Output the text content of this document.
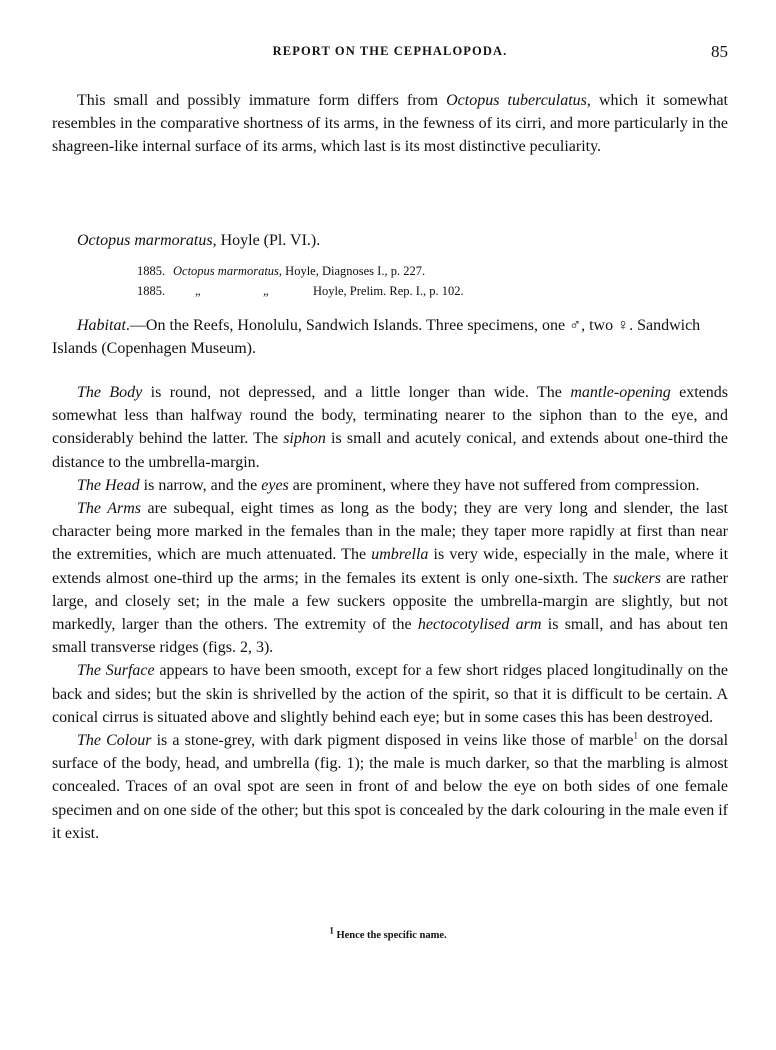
REPORT ON THE CEPHALOPODA.	85

This small and possibly immature form differs from Octopus tuberculatus, which it somewhat resembles in the comparative shortness of its arms, in the fewness of its cirri, and more particularly in the shagreen-like internal surface of its arms, which last is its most distinctive peculiarity.

Octopus marmoratus, Hoyle (Pl. VI.).
1885. Octopus marmoratus, Hoyle, Diagnoses I., p. 227.
1885. „	„	Hoyle, Prelim. Rep. I., p. 102.

Habitat.—On the Reefs, Honolulu, Sandwich Islands. Three specimens, one ♂, two ♀. Sandwich Islands (Copenhagen Museum).

The Body is round, not depressed, and a little longer than wide. The mantle-opening extends somewhat less than halfway round the body, terminating nearer to the siphon than to the eye, and considerably behind the latter. The siphon is small and acutely conical, and extends about one-third the distance to the umbrella-margin.

The Head is narrow, and the eyes are prominent, where they have not suffered from compression.

The Arms are subequal, eight times as long as the body; they are very long and slender, the last character being more marked in the females than in the male; they taper more rapidly at first than near the extremities, which are much attenuated. The umbrella is very wide, especially in the male, where it extends almost one-third up the arms; in the females its extent is only one-sixth. The suckers are rather large, and closely set; in the male a few suckers opposite the umbrella-margin are slightly, but not markedly, larger than the others. The extremity of the hectocotylised arm is small, and has about ten small transverse ridges (figs. 2, 3).

The Surface appears to have been smooth, except for a few short ridges placed longitudinally on the back and sides; but the skin is shrivelled by the action of the spirit, so that it is difficult to be certain. A conical cirrus is situated above and slightly behind each eye; but in some cases this has been destroyed.

The Colour is a stone-grey, with dark pigment disposed in veins like those of marble$^1$ on the dorsal surface of the body, head, and umbrella (fig. 1); the male is much darker, so that the marbling is almost concealed. Traces of an oval spot are seen in front of and below the eye on both sides of one female specimen and on one side of the other; but this spot is concealed by the dark colouring in the male even if it exist.

$^1$ Hence the specific name.
